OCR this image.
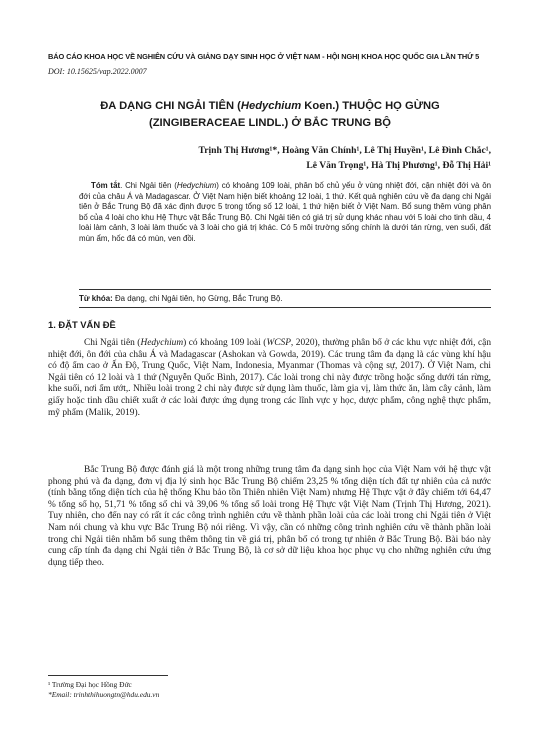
BÁO CÁO KHOA HỌC VỀ NGHIÊN CỨU VÀ GIẢNG DẠY SINH HỌC Ở VIỆT NAM - HỘI NGHỊ KHOA HỌC QUỐC GIA LẦN THỨ 5
DOI: 10.15625/vap.2022.0007
ĐA DẠNG CHI NGẢI TIÊN (Hedychium Koen.) THUỘC HỌ GỪNG
(ZINGIBERACEAE LINDL.) Ở BẮC TRUNG BỘ
Trịnh Thị Hương¹*, Hoàng Văn Chính¹, Lê Thị Huyền¹, Lê Đình Chắc¹,
Lê Văn Trọng¹, Hà Thị Phương¹, Đỗ Thị Hải¹

Tóm tắt. Chi Ngải tiên (Hedychium) có khoảng 109 loài, phân bố chủ yếu ở vùng nhiệt đới, cận nhiệt đới và ôn đới của châu Á và Madagascar. Ở Việt Nam hiện biết khoảng 12 loài, 1 thứ. Kết quả nghiên cứu về đa dạng chi Ngải tiên ở Bắc Trung Bộ đã xác định được 5 trong tổng số 12 loài, 1 thứ hiện biết ở Việt Nam. Bổ sung thêm vùng phân bố của 4 loài cho khu Hệ Thực vật Bắc Trung Bộ. Chi Ngải tiên có giá trị sử dụng khác nhau với 5 loài cho tinh dầu, 4 loài làm cảnh, 3 loài làm thuốc và 3 loài cho giá trị khác. Có 5 môi trường sống chính là dưới tán rừng, ven suối, đất mùn ẩm, hốc đá có mùn, ven đồi.

Từ khóa: Đa dạng, chi Ngải tiên, họ Gừng, Bắc Trung Bộ.
1. ĐẶT VẤN ĐỀ

Chi Ngải tiên (Hedychium) có khoảng 109 loài (WCSP, 2020), thường phân bố ở các khu vực nhiệt đới, cận nhiệt đới, ôn đới của châu Á và Madagascar (Ashokan và Gowda, 2019). Các trung tâm đa dạng là các vùng khí hậu có độ ẩm cao ở Ấn Độ, Trung Quốc, Việt Nam, Indonesia, Myanmar (Thomas và cộng sự, 2017). Ở Việt Nam, chi Ngải tiên có 12 loài và 1 thứ (Nguyễn Quốc Bình, 2017). Các loài trong chi này được trồng hoặc sống dưới tán rừng, khe suối, nơi ẩm ướt,. Nhiều loài trong 2 chi này được sử dụng làm thuốc, làm gia vị, làm thức ăn, làm cây cảnh, làm giấy hoặc tinh dầu chiết xuất ở các loài được ứng dụng trong các lĩnh vực y học, dược phẩm, công nghệ thực phẩm, mỹ phẩm (Malik, 2019).

Bắc Trung Bộ được đánh giá là một trong những trung tâm đa dạng sinh học của Việt Nam với hệ thực vật phong phú và đa dạng, đơn vị địa lý sinh học Bắc Trung Bộ chiếm 23,25 % tổng diện tích đất tự nhiên của cả nước (tính bằng tổng diện tích của hệ thống Khu bảo tồn Thiên nhiên Việt Nam) nhưng Hệ Thực vật ở đây chiếm tới 64,47 % tổng số họ, 51,71 % tổng số chi và 39,06 % tổng số loài trong Hệ Thực vật Việt Nam (Trịnh Thị Hương, 2021). Tuy nhiên, cho đến nay có rất ít các công trình nghiên cứu về thành phần loài của các loài trong chi Ngải tiên ở Việt Nam nói chung và khu vực Bắc Trung Bộ nói riêng. Vì vậy, cần có những công trình nghiên cứu về thành phần loài trong chi Ngải tiên nhằm bổ sung thêm thông tin về giá trị, phân bố có trong tự nhiên ở Bắc Trung Bộ. Bài báo này cung cấp tính đa dạng chi Ngải tiên ở Bắc Trung Bộ, là cơ sở dữ liệu khoa học phục vụ cho những nghiên cứu ứng dụng tiếp theo.

¹ Trường Đại học Hồng Đức
*Email: trinhthihuongtn@hdu.edu.vn
